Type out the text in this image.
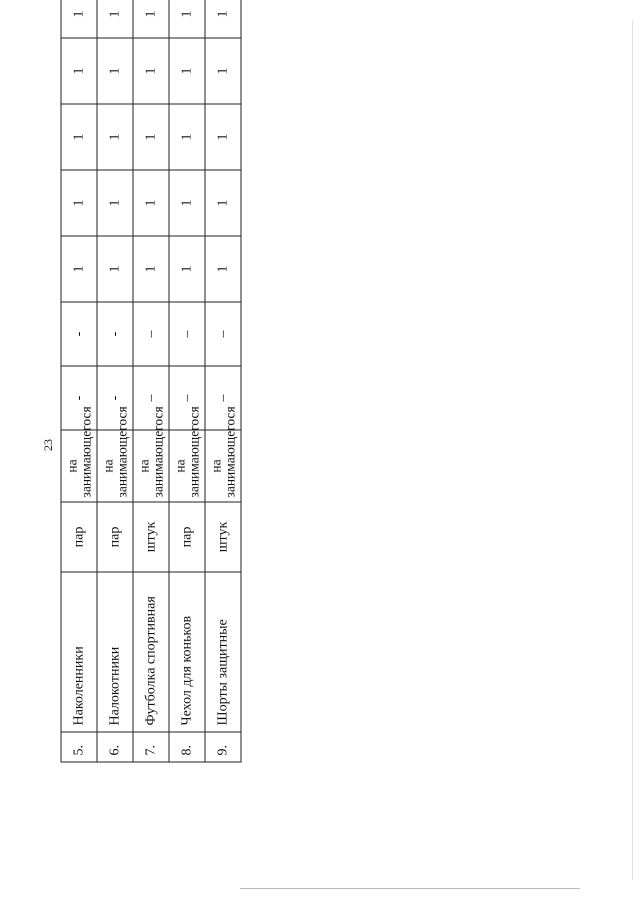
23
5.	Наколенники	пар	на занимающегося	-	-	1	1	1	1	1	
6.	Налокотники	пар	на занимающегося	-	-	1	1	1	1	1	
7.	Футболка спортивная	штук	на занимающегося	–	–	1	1	1	1	1	
8.	Чехол для коньков	пар	на занимающегося	–	–	1	1	1	1	1	
9.	Шорты защитные	штук	на занимающегося	–	–	1	1	1	1	1	
